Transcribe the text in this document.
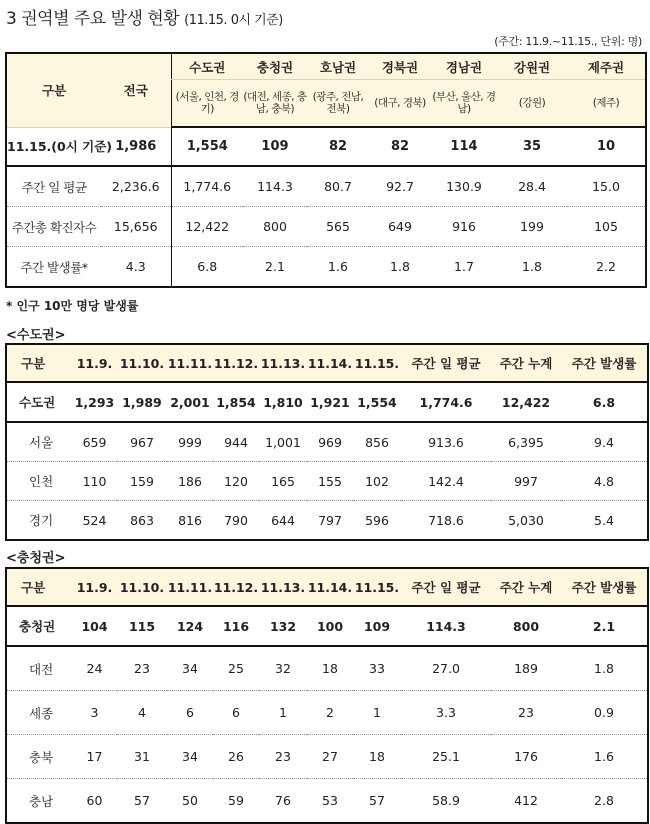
3 권역별 주요 발생 현황 (11.15. 0시 기준)
(주간: 11.9.~11.15., 단위: 명)
구분	전국	수도권	충청권	호남권	경북권	경남권	강원권	제주권
		(서울, 인천, 경기)	(대전, 세종, 충남, 충북)	(광주, 전남, 전북)	(대구, 경북)	(부산, 울산, 경남)	(강원)	(제주)
11.15.(0시 기준)	1,986	1,554	109	82	82	114	35	10
주간 일 평균	2,236.6	1,774.6	114.3	80.7	92.7	130.9	28.4	15.0
주간총 확진자수	15,656	12,422	800	565	649	916	199	105
주간 발생률*	4.3	6.8	2.1	1.6	1.8	1.7	1.8	2.2
* 인구 10만 명당 발생률
<수도권>
구분	11.9.	11.10.	11.11.	11.12.	11.13.	11.14.	11.15.	주간 일 평균	주간 누계	주간 발생률
수도권	1,293	1,989	2,001	1,854	1,810	1,921	1,554	1,774.6	12,422	6.8
서울	659	967	999	944	1,001	969	856	913.6	6,395	9.4
인천	110	159	186	120	165	155	102	142.4	997	4.8
경기	524	863	816	790	644	797	596	718.6	5,030	5.4
<충청권>
구분	11.9.	11.10.	11.11.	11.12.	11.13.	11.14.	11.15.	주간 일 평균	주간 누계	주간 발생률
충청권	104	115	124	116	132	100	109	114.3	800	2.1
대전	24	23	34	25	32	18	33	27.0	189	1.8
세종	3	4	6	6	1	2	1	3.3	23	0.9
충북	17	31	34	26	23	27	18	25.1	176	1.6
충남	60	57	50	59	76	53	57	58.9	412	2.8
